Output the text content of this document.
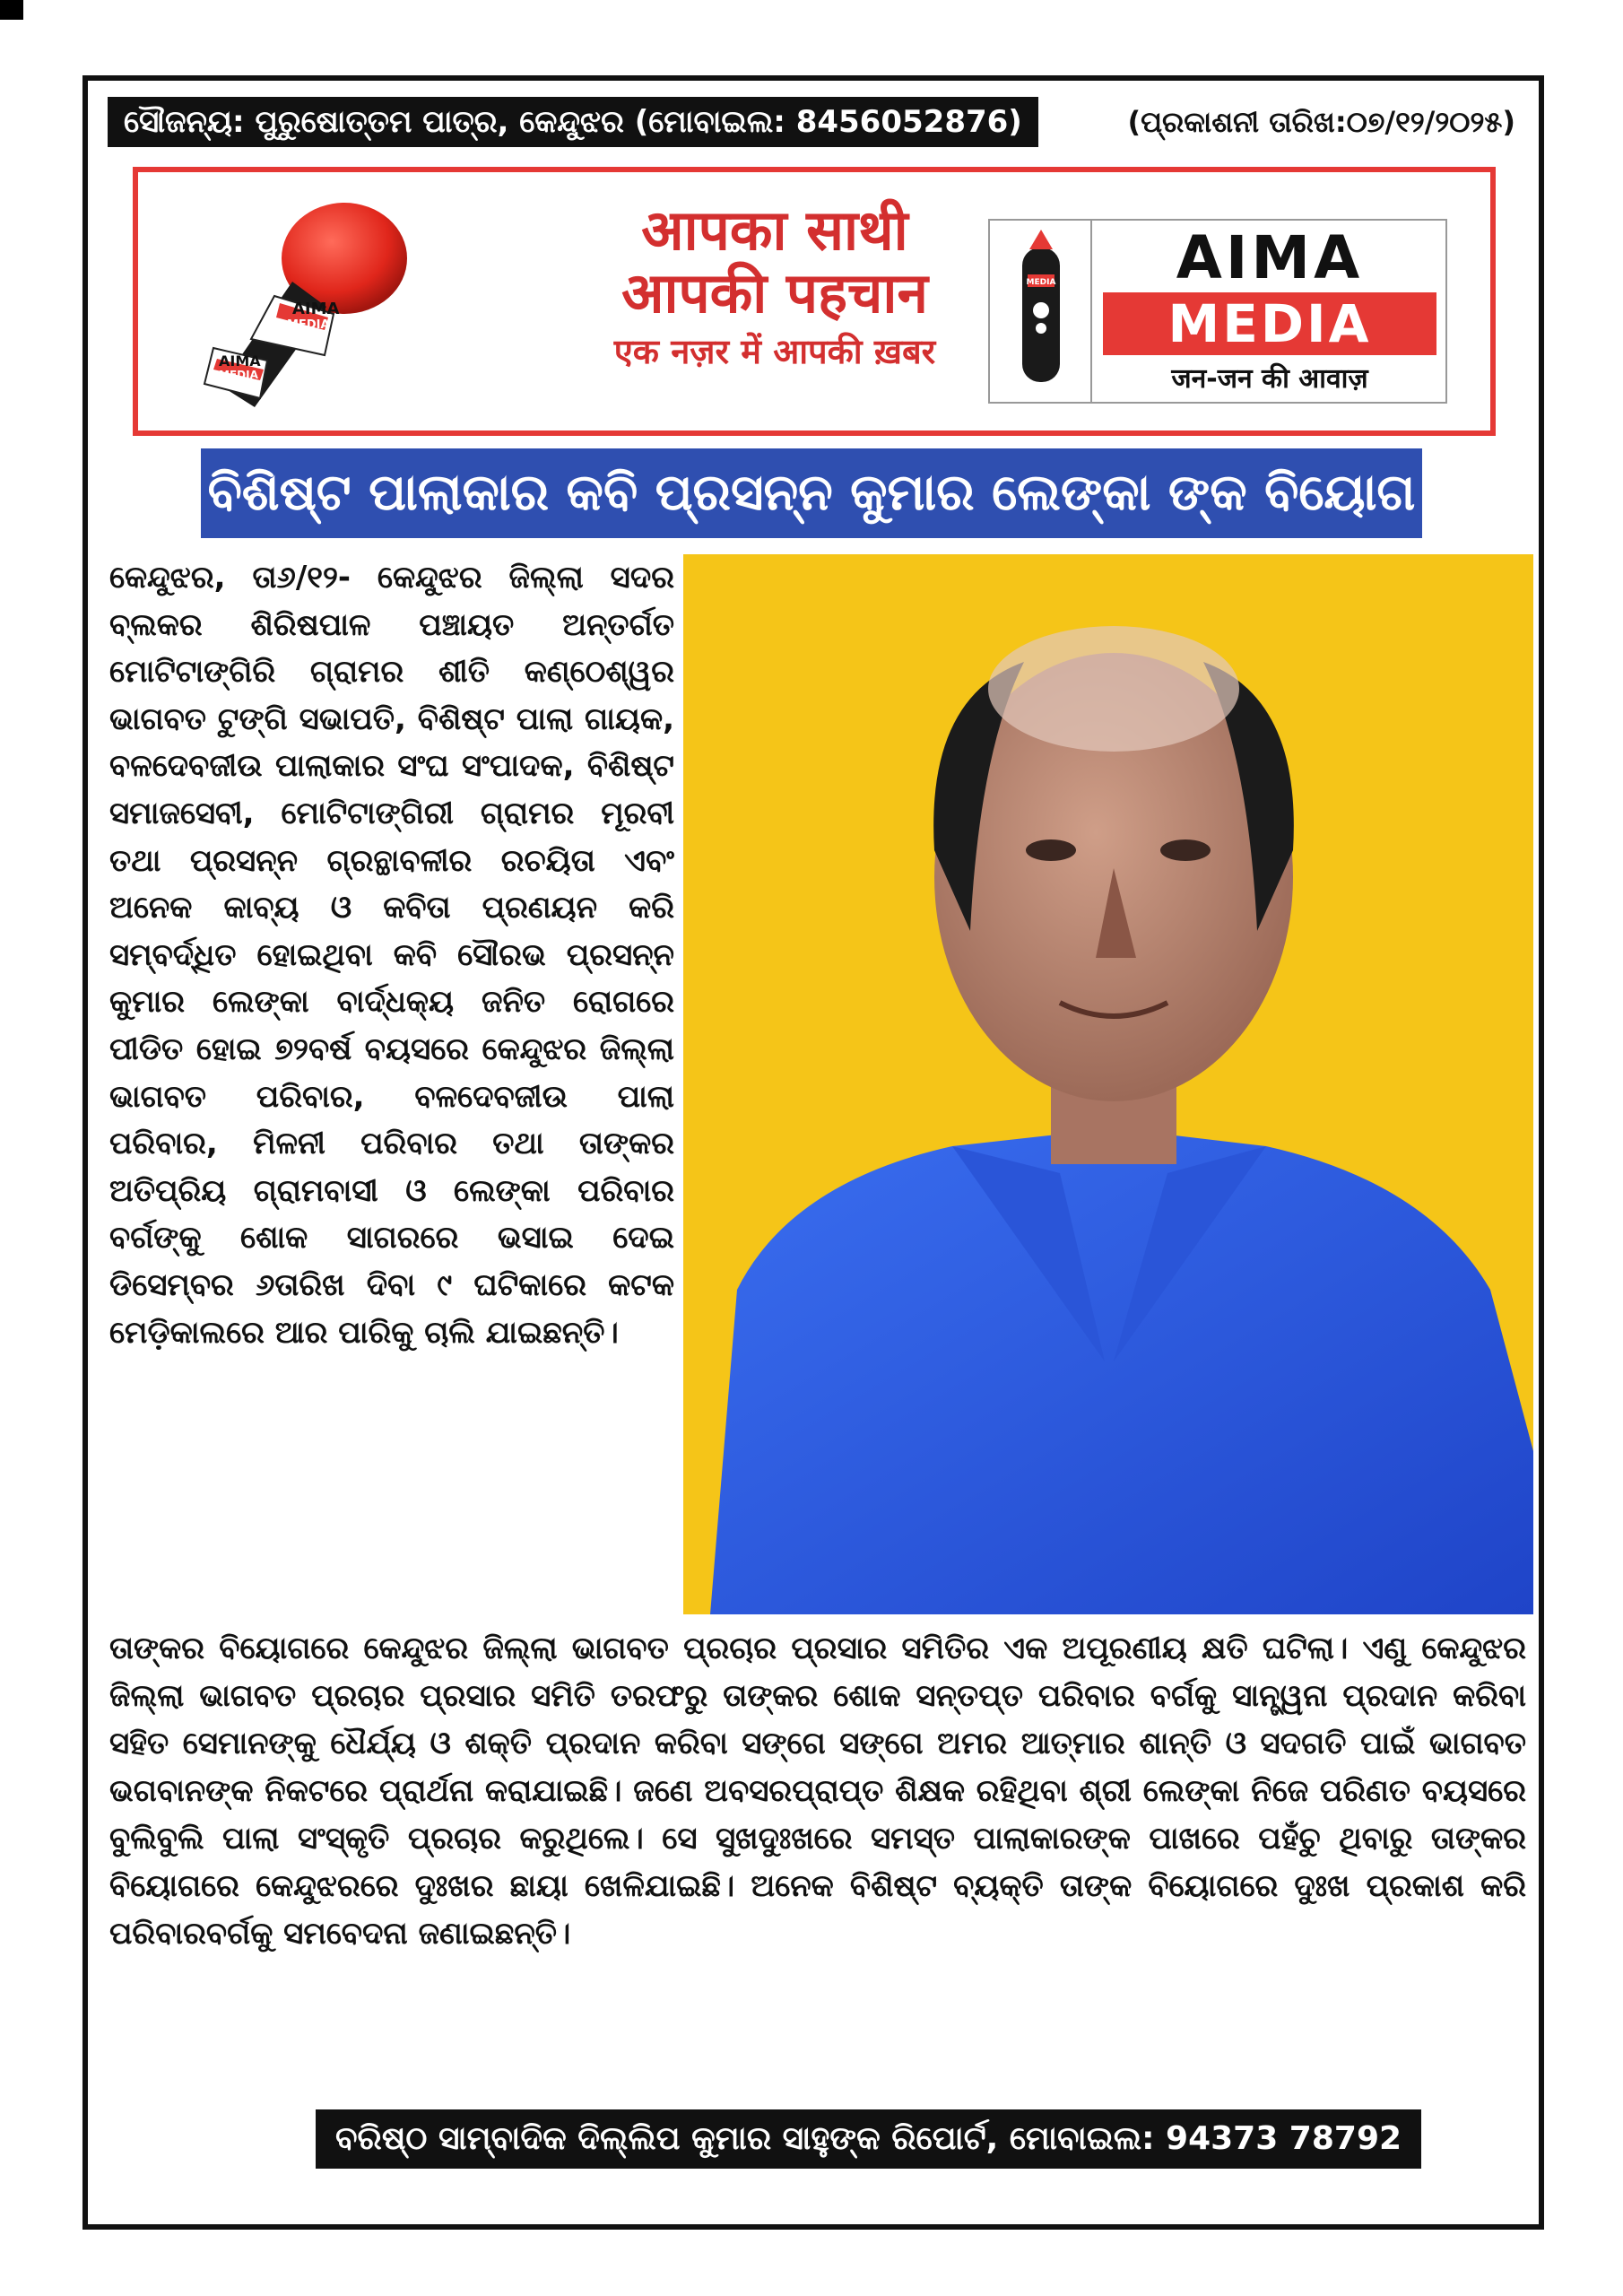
ସୌଜନ୍ୟ: ପୁରୁଷୋତ୍ତମ ପାତ୍ର, କେନ୍ଦୁଝର (ମୋବାଇଲ: 8456052876)	(ପ୍ରକାଶନୀ ତାରିଖ:୦୭/୧୨/୨୦୨୫)
AIMA
AIMA
MEDIA
MEDIA
आपका साथी
आपकी पहचान
एक नज़र में आपकी ख़बर
MEDIA	AIMA
MEDIA
जन-जन की आवाज़
ବିଶିଷ୍ଟ ପାଲାକାର କବି ପ୍ରସନ୍ନ କୁମାର ଲେଙ୍କା ଙ୍କ ବିୟୋଗ
କେନ୍ଦୁଝର, ତା୬/୧୨- କେନ୍ଦୁଝର ଜିଲ୍ଲା ସଦର ବ୍ଲକର ଶିରିଷପାଳ ପଞ୍ଚାୟତ ଅନ୍ତର୍ଗତ ମୋଟିଟାଙ୍ଗିରି ଗ୍ରାମର ଶୀତି କଣ୍ଠେଶ୍ୱର ଭାଗବତ ଟୁଙ୍ଗି ସଭାପତି, ବିଶିଷ୍ଟ ପାଲା ଗାୟକ, ବଳଦେବଜୀଉ ପାଲାକାର ସଂଘ ସଂପାଦକ, ବିଶିଷ୍ଟ ସମାଜସେବୀ, ମୋଟିଟାଙ୍ଗିରୀ ଗ୍ରାମର ମୂରବୀ ତଥା ପ୍ରସନ୍ନ ଗ୍ରନ୍ଥାବଳୀର ରଚୟିତା ଏବଂ ଅନେକ କାବ୍ୟ ଓ କବିତା ପ୍ରଣୟନ କରି ସମ୍ବର୍ଦ୍ଧିତ ହୋଇଥିବା କବି ସୌରଭ ପ୍ରସନ୍ନ କୁମାର ଲେଙ୍କା ବାର୍ଦ୍ଧକ୍ୟ ଜନିତ ରୋଗରେ ପୀଡିତ ହୋଇ ୭୨ବର୍ଷ ବୟସରେ କେନ୍ଦୁଝର ଜିଲ୍ଲା ଭାଗବତ ପରିବାର, ବଳଦେବଜୀଉ ପାଲା ପରିବାର, ମିଳନୀ ପରିବାର ତଥା ତାଙ୍କର ଅତିପ୍ରିୟ ଗ୍ରାମବାସୀ ଓ ଲେଙ୍କା ପରିବାର ବର୍ଗଙ୍କୁ ଶୋକ ସାଗରରେ ଭସାଇ ଦେଇ ଡିସେମ୍ବର ୬ତାରିଖ ଦିବା ୯ ଘଟିକାରେ କଟକ ମେଡ଼ିକାଲରେ ଆର ପାରିକୁ ଚାଲି ଯାଇଛନ୍ତି।
ତାଙ୍କର ବିୟୋଗରେ କେନ୍ଦୁଝର ଜିଲ୍ଲା ଭାଗବତ ପ୍ରଚାର ପ୍ରସାର ସମିତିର ଏକ ଅପୂରଣୀୟ କ୍ଷତି ଘଟିଲା। ଏଣୁ କେନ୍ଦୁଝର ଜିଲ୍ଲା ଭାଗବତ ପ୍ରଚାର ପ୍ରସାର ସମିତି ତରଫରୁ ତାଙ୍କର ଶୋକ ସନ୍ତପ୍ତ ପରିବାର ବର୍ଗକୁ ସାନ୍ତ୍ୱନା ପ୍ରଦାନ କରିବା ସହିତ ସେମାନଙ୍କୁ ଧୈର୍ଯ୍ୟ ଓ ଶକ୍ତି ପ୍ରଦାନ କରିବା ସଙ୍ଗେ ସଙ୍ଗେ ଅମର ଆତ୍ମାର ଶାନ୍ତି ଓ ସଦଗତି ପାଇଁ ଭାଗବତ ଭଗବାନଙ୍କ ନିକଟରେ ପ୍ରାର୍ଥନା କରାଯାଇଛି। ଜଣେ ଅବସରପ୍ରାପ୍ତ ଶିକ୍ଷକ ରହିଥିବା ଶ୍ରୀ ଲେଙ୍କା ନିଜେ ପରିଣତ ବୟସରେ ବୁଲିବୁଲି ପାଲା ସଂସ୍କୃତି ପ୍ରଚାର କରୁଥିଲେ। ସେ ସୁଖଦୁଃଖରେ ସମସ୍ତ ପାଲାକାରଙ୍କ ପାଖରେ ପହଁଚୁ ଥିବାରୁ ତାଙ୍କର ବିୟୋଗରେ କେନ୍ଦୁଝରରେ ଦୁଃଖର ଛାୟା ଖେଳିଯାଇଛି। ଅନେକ ବିଶିଷ୍ଟ ବ୍ୟକ୍ତି ତାଙ୍କ ବିୟୋଗରେ ଦୁଃଖ ପ୍ରକାଶ କରି ପରିବାରବର୍ଗକୁ ସମବେଦନା ଜଣାଇଛନ୍ତି।
ବରିଷ୍ଠ ସାମ୍ବାଦିକ ଦିଲ୍ଲିପ କୁମାର ସାହୁଙ୍କ ରିପୋର୍ଟ, ମୋବାଇଲ: 94373 78792
